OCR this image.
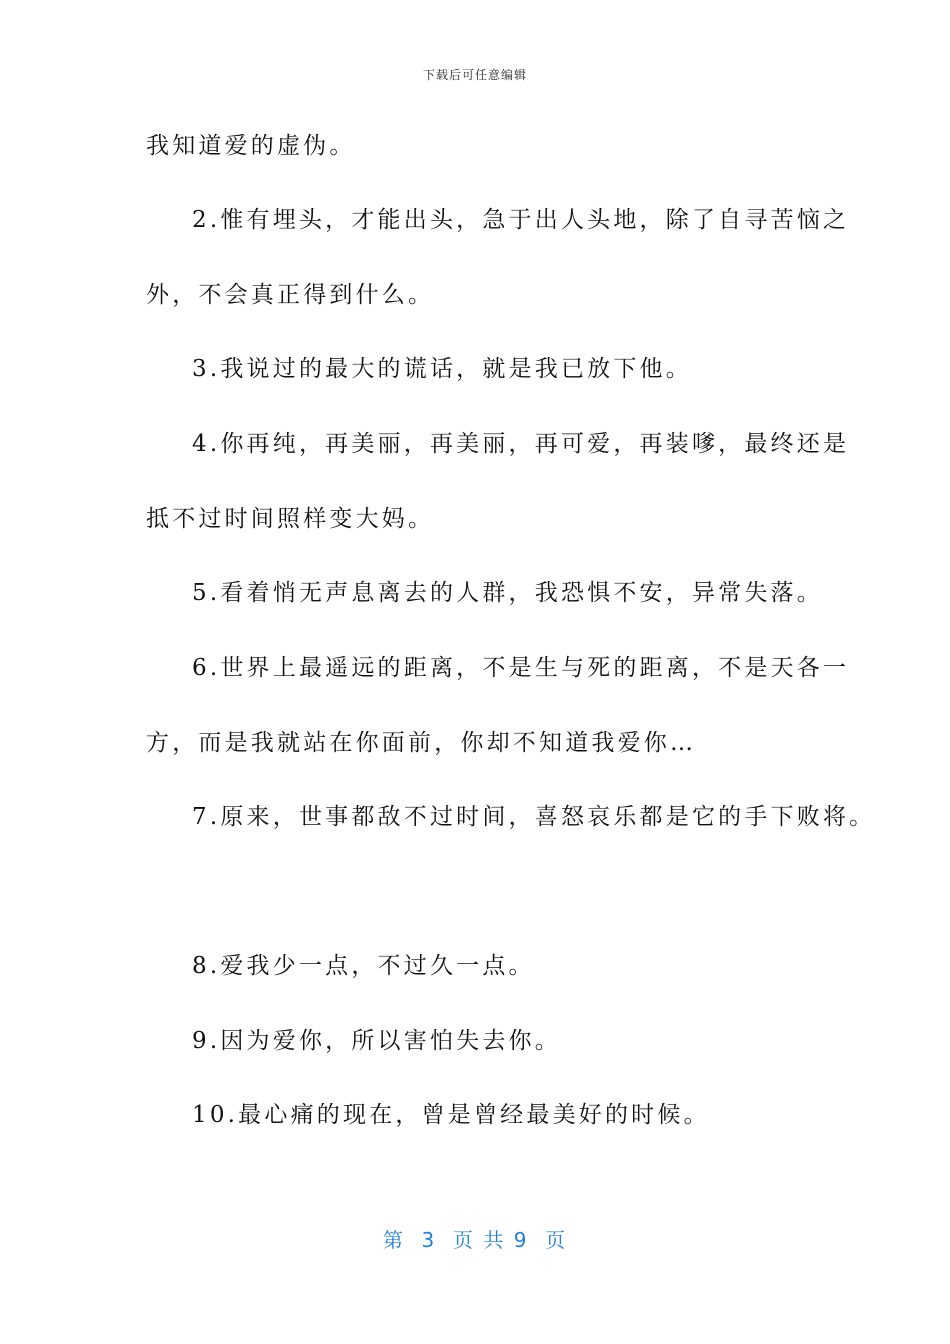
下载后可任意编辑
我知道爱的虚伪。
2.惟有埋头，才能出头，急于出人头地，除了自寻苦恼之
外，不会真正得到什么。
3.我说过的最大的谎话，就是我已放下他。
4.你再纯，再美丽，再美丽，再可爱，再装嗲，最终还是
抵不过时间照样变大妈。
5.看着悄无声息离去的人群，我恐惧不安，异常失落。
6.世界上最遥远的距离，不是生与死的距离，不是天各一
方，而是我就站在你面前，你却不知道我爱你…
7.原来，世事都敌不过时间，喜怒哀乐都是它的手下败将。
8.爱我少一点，不过久一点。
9.因为爱你，所以害怕失去你。
10.最心痛的现在，曾是曾经最美好的时候。
第  3  页 共 9  页
